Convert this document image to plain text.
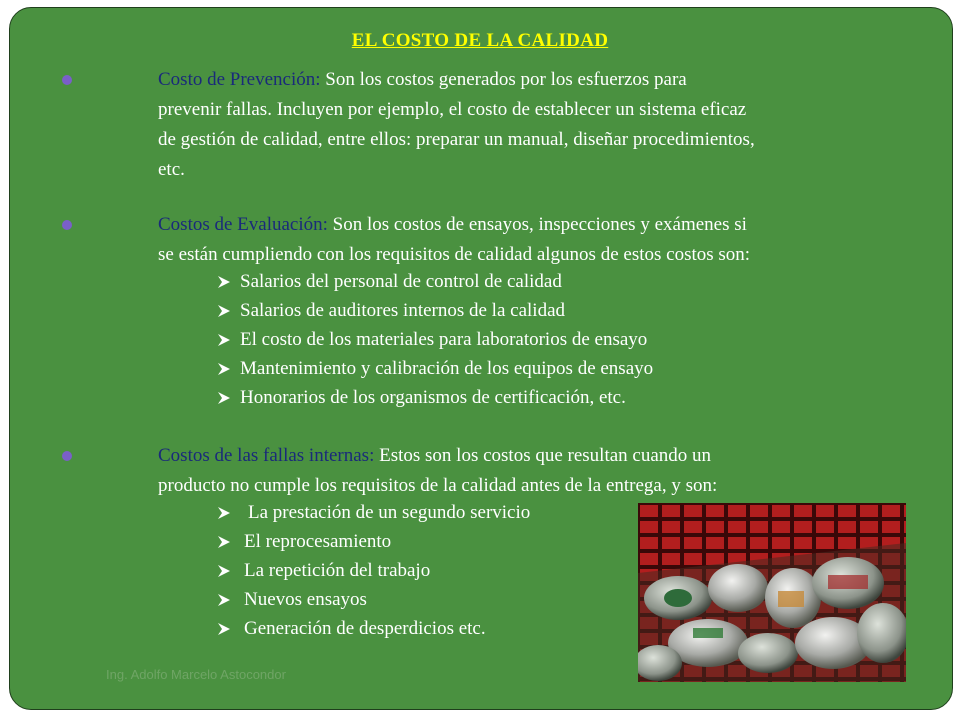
EL COSTO DE LA CALIDAD
Costo de Prevención: Son los costos generados por los esfuerzos para
prevenir fallas. Incluyen por ejemplo, el costo de establecer un sistema eficaz
de gestión de calidad, entre ellos: preparar un manual, diseñar procedimientos,
etc.
Costos de Evaluación: Son los costos de ensayos, inspecciones y exámenes si
se están cumpliendo con los requisitos de calidad algunos de estos costos son:
Salarios del personal de control de calidad
Salarios de auditores internos de la calidad
El costo de los materiales para laboratorios de ensayo
Mantenimiento y calibración de los equipos de ensayo
Honorarios de los organismos de certificación, etc.
Costos de las fallas internas: Estos son los costos que resultan cuando un
producto no cumple los requisitos de la calidad antes de la entrega, y son:
La prestación de un segundo servicio
El reprocesamiento
La repetición del trabajo
Nuevos ensayos
Generación de desperdicios etc.
Ing. Adolfo Marcelo Astocondor
